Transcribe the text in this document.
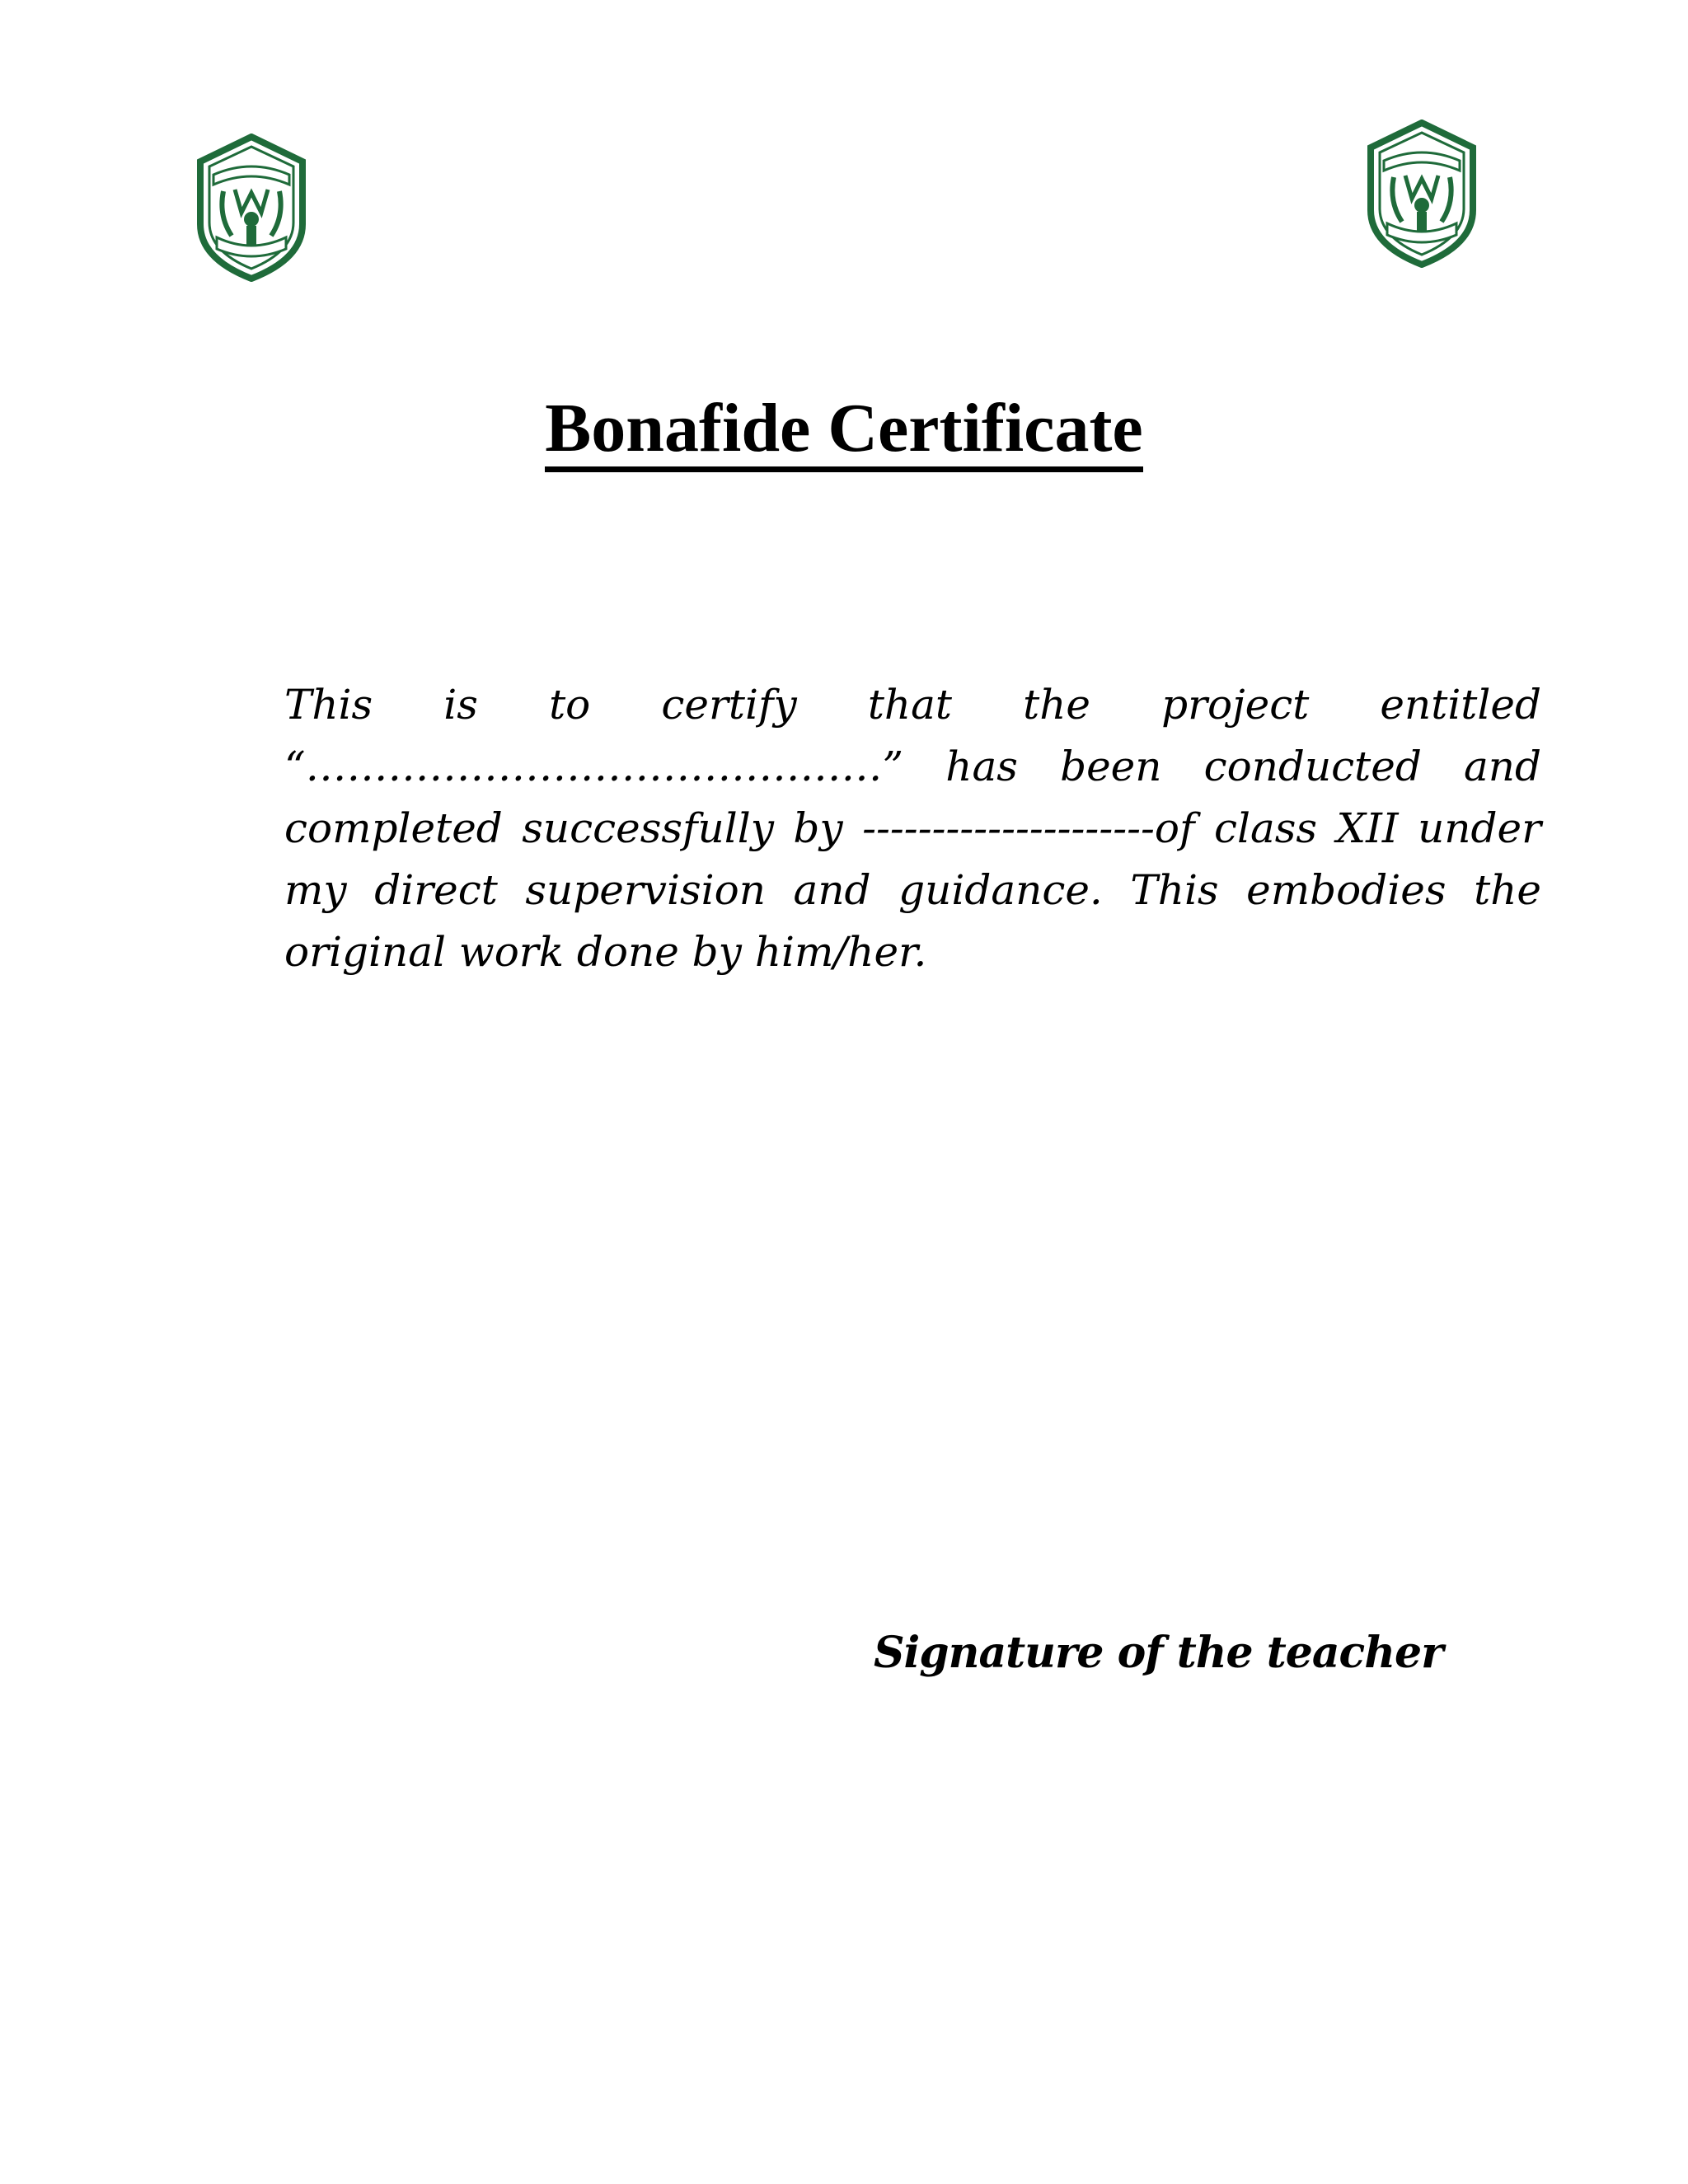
Bonafide Certificate

This is to certify that the project entitled “……………………………………” has been conducted and completed successfully by ---------------------of class XII under my direct supervision and guidance. This embodies the original work done by him/her.

Signature of the teacher
